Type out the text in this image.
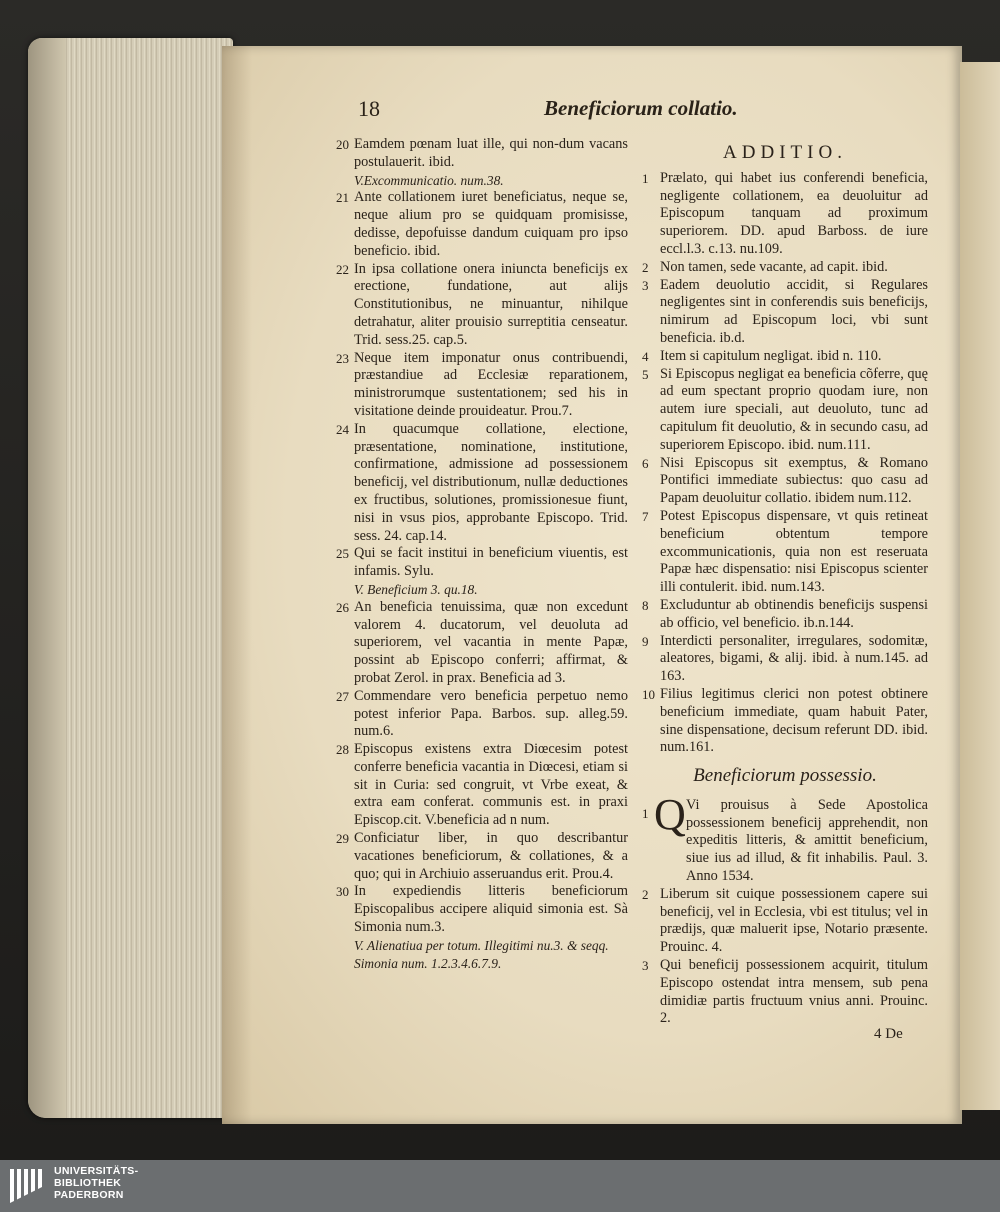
18	Beneficiorum collatio.
20 Eamdem pœnam luat ille, qui non-dum vacans postulauerit. ibid.
V.Excommunicatio. num.38.
21 Ante collationem iuret beneficiatus, neque se, neque alium pro se quidquam promisisse, dedisse, depofuisse dandum cuiquam pro ipso beneficio. ibid.
22 In ipsa collatione onera iniuncta beneficijs ex erectione, fundatione, aut alijs Constitutionibus, ne minuantur, nihilque detrahatur, aliter prouisio surreptitia censeatur. Trid. sess.25. cap.5.
23 Neque item imponatur onus contribuendi, præstandiue ad Ecclesiæ reparationem, ministrorumque sustentationem; sed his in visitatione deinde prouideatur. Prou.7.
24 In quacumque collatione, electione, præsentatione, nominatione, institutione, confirmatione, admissione ad possessionem beneficij, vel distributionum, nullæ deductiones ex fructibus, solutiones, promissionesue fiunt, nisi in vsus pios, approbante Episcopo. Trid. sess. 24. cap.14.
25 Qui se facit institui in beneficium viuentis, est infamis. Sylu.
V. Beneficium 3. qu.18.
26 An beneficia tenuissima, quæ non excedunt valorem 4. ducatorum, vel deuoluta ad superiorem, vel vacantia in mente Papæ, possint ab Episcopo conferri; affirmat, & probat Zerol. in prax. Beneficia ad 3.
27 Commendare vero beneficia perpetuo nemo potest inferior Papa. Barbos. sup. alleg.59. num.6.
28 Episcopus existens extra Diœcesim potest conferre beneficia vacantia in Diœcesi, etiam si sit in Curia: sed congruit, vt Vrbe exeat, & extra eam conferat. communis est. in praxi Episcop.cit. V.beneficia ad n num.
29 Conficiatur liber, in quo describantur vacationes beneficiorum, & collationes, & a quo; qui in Archiuio asseruandus erit. Prou.4.
30 In expediendis litteris beneficiorum Episcopalibus accipere aliquid simonia est. Sà Simonia num.3.
V. Alienatiua per totum. Illegitimi nu.3. & seqq. Simonia num. 1.2.3.4.6.7.9.
ADDITIO.
1 Prælato, qui habet ius conferendi beneficia, negligente collationem, ea deuoluitur ad Episcopum tanquam ad proximum superiorem. DD. apud Barboss. de iure eccl.l.3. c.13. nu.109.
2 Non tamen, sede vacante, ad capit. ibid.
3 Eadem deuolutio accidit, si Regulares negligentes sint in conferendis suis beneficijs, nimirum ad Episcopum loci, vbi sunt beneficia. ib.d.
4 Item si capitulum negligat. ibid n. 110.
5 Si Episcopus negligat ea beneficia cõferre, quę ad eum spectant proprio quodam iure, non autem iure speciali, aut deuoluto, tunc ad capitulum fit deuolutio, & in secundo casu, ad superiorem Episcopo. ibid. num.111.
6 Nisi Episcopus sit exemptus, & Romano Pontifici immediate subiectus: quo casu ad Papam deuoluitur collatio. ibidem num.112.
7 Potest Episcopus dispensare, vt quis retineat beneficium obtentum tempore excommunicationis, quia non est reseruata Papæ hæc dispensatio: nisi Episcopus scienter illi contulerit. ibid. num.143.
8 Excluduntur ab obtinendis beneficijs suspensi ab officio, vel beneficio. ib.n.144.
9 Interdicti personaliter, irregulares, sodomitæ, aleatores, bigami, & alij. ibid. à num.145. ad 163.
10 Filius legitimus clerici non potest obtinere beneficium immediate, quam habuit Pater, sine dispensatione, decisum referunt DD. ibid. num.161.
Beneficiorum possessio.
1 Q Vi prouisus à Sede Apostolica possessionem beneficij apprehendit, non expeditis litteris, & amittit beneficium, siue ius ad illud, & fit inhabilis. Paul. 3. Anno 1534.
2 Liberum sit cuique possessionem capere sui beneficij, vel in Ecclesia, vbi est titulus; vel in prædijs, quæ maluerit ipse, Notario præsente. Prouinc. 4.
3 Qui beneficij possessionem acquirit, titulum Episcopo ostendat intra mensem, sub pena dimidiæ partis fructuum vnius anni. Prouinc. 2.
4 De
UNIVERSITÄTS-
BIBLIOTHEK
PADERBORN
